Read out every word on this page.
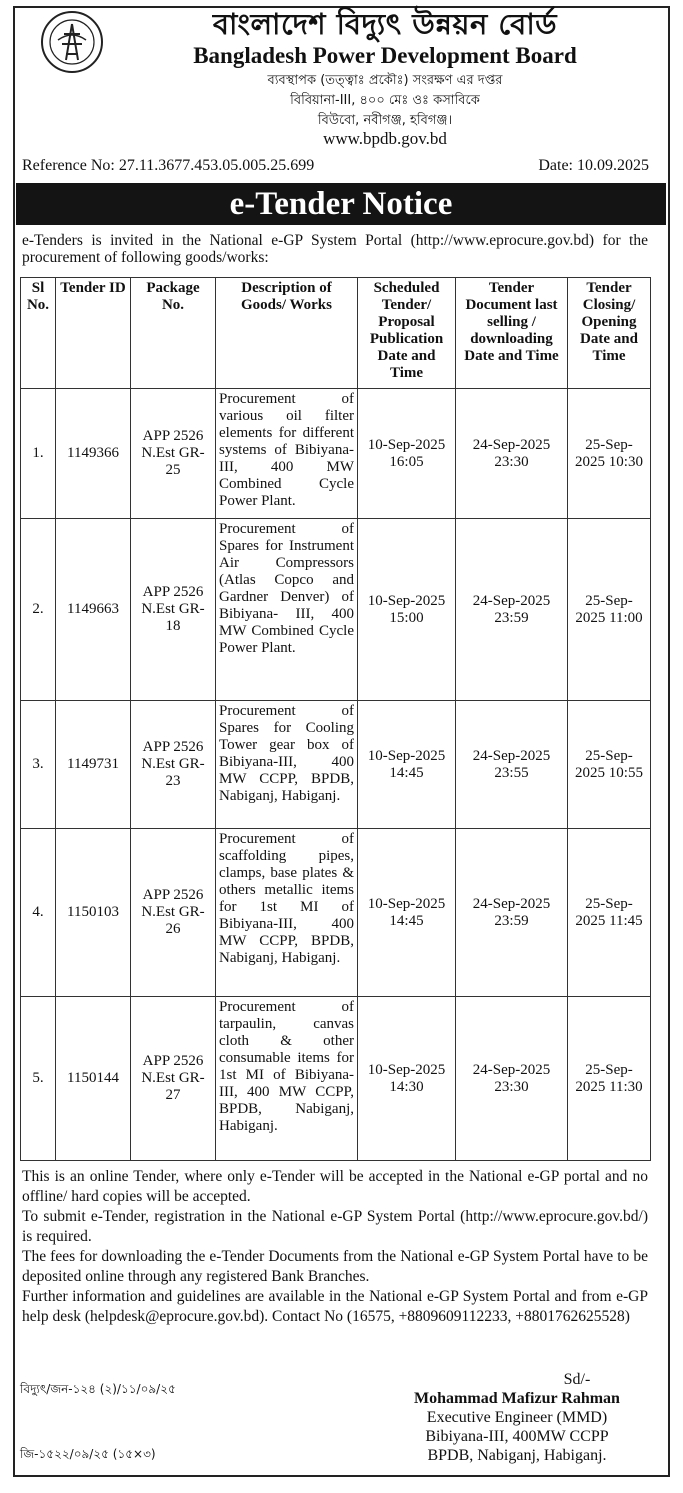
বাংলাদেশ বিদ্যুৎ উন্নয়ন বোর্ড
Bangladesh Power Development Board
ব্যবস্থাপক (তত্ত্বাঃ প্রকৌঃ) সংরক্ষণ এর দপ্তর
বিবিয়ানা-III, ৪০০ মেঃ ওঃ কসাবিকে
বিউবো, নবীগঞ্জ, হবিগঞ্জ।
www.bpdb.gov.bd
Reference No: 27.11.3677.453.05.005.25.699	Date: 10.09.2025
e-Tender Notice
e-Tenders is invited in the National e-GP System Portal (http://www.eprocure.gov.bd) for the procurement of following goods/works:
Sl No.	Tender ID	Package No.	Description of Goods/ Works	Scheduled Tender/ Proposal Publication Date and Time	Tender Document last selling / downloading Date and Time	Tender Closing/ Opening Date and Time
1.	1149366	APP 2526 N.Est GR-25	Procurement of various oil filter elements for different systems of Bibiyana-III, 400 MW Combined Cycle Power Plant.	10-Sep-2025 16:05	24-Sep-2025 23:30	25-Sep-2025 10:30
2.	1149663	APP 2526 N.Est GR-18	Procurement of Spares for Instrument Air Compressors (Atlas Copco and Gardner Denver) of Bibiyana- III, 400 MW Combined Cycle Power Plant.	10-Sep-2025 15:00	24-Sep-2025 23:59	25-Sep-2025 11:00
3.	1149731	APP 2526 N.Est GR-23	Procurement of Spares for Cooling Tower gear box of Bibiyana-III, 400 MW CCPP, BPDB, Nabiganj, Habiganj.	10-Sep-2025 14:45	24-Sep-2025 23:55	25-Sep-2025 10:55
4.	1150103	APP 2526 N.Est GR-26	Procurement of scaffolding pipes, clamps, base plates & others metallic items for 1st MI of Bibiyana-III, 400 MW CCPP, BPDB, Nabiganj, Habiganj.	10-Sep-2025 14:45	24-Sep-2025 23:59	25-Sep-2025 11:45
5.	1150144	APP 2526 N.Est GR-27	Procurement of tarpaulin, canvas cloth & other consumable items for 1st MI of Bibiyana-III, 400 MW CCPP, BPDB, Nabiganj, Habiganj.	10-Sep-2025 14:30	24-Sep-2025 23:30	25-Sep-2025 11:30

This is an online Tender, where only e-Tender will be accepted in the National e-GP portal and no offline/ hard copies will be accepted.

To submit e-Tender, registration in the National e-GP System Portal (http://www.eprocure.gov.bd/) is required.

The fees for downloading the e-Tender Documents from the National e-GP System Portal have to be deposited online through any registered Bank Branches.

Further information and guidelines are available in the National e-GP System Portal and from e-GP help desk (helpdesk@eprocure.gov.bd). Contact No (16575, +8809609112233, +8801762625528)

বিদ্যুৎ/জন-১২৪ (২)/১১/০৯/২৫
জি-১৫২২/০৯/২৫ (১৫×৩)
Sd/-
Mohammad Mafizur Rahman
Executive Engineer (MMD)
Bibiyana-III, 400MW CCPP
BPDB, Nabiganj, Habiganj.
